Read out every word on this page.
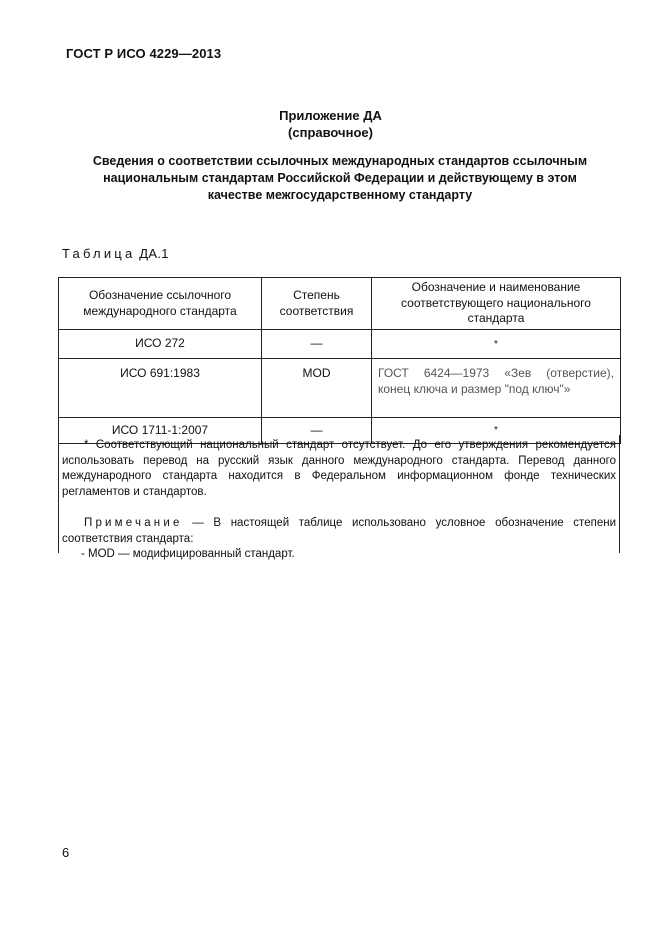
ГОСТ Р ИСО 4229—2013
Приложение ДА
(справочное)
Сведения о соответствии ссылочных международных стандартов ссылочным национальным стандартам Российской Федерации и действующему в этом качестве межгосударственному стандарту
Таблица ДА.1
Обозначение ссылочного международного стандарта	Степень соответствия	Обозначение и наименование соответствующего национального стандарта
ИСО 272	—	*
ИСО 691:1983	MOD	ГОСТ 6424—1973 «Зев (отверстие), конец ключа и размер "под ключ"»
ИСО 1711-1:2007	—	*

* Соответствующий национальный стандарт отсутствует. До его утверждения рекомендуется использовать перевод на русский язык данного международного стандарта. Перевод данного международного стандарта находится в Федеральном информационном фонде технических регламентов и стандартов.

Примечание — В настоящей таблице использовано условное обозначение степени соответствия стандарта:

- MOD — модифицированный стандарт.

6
